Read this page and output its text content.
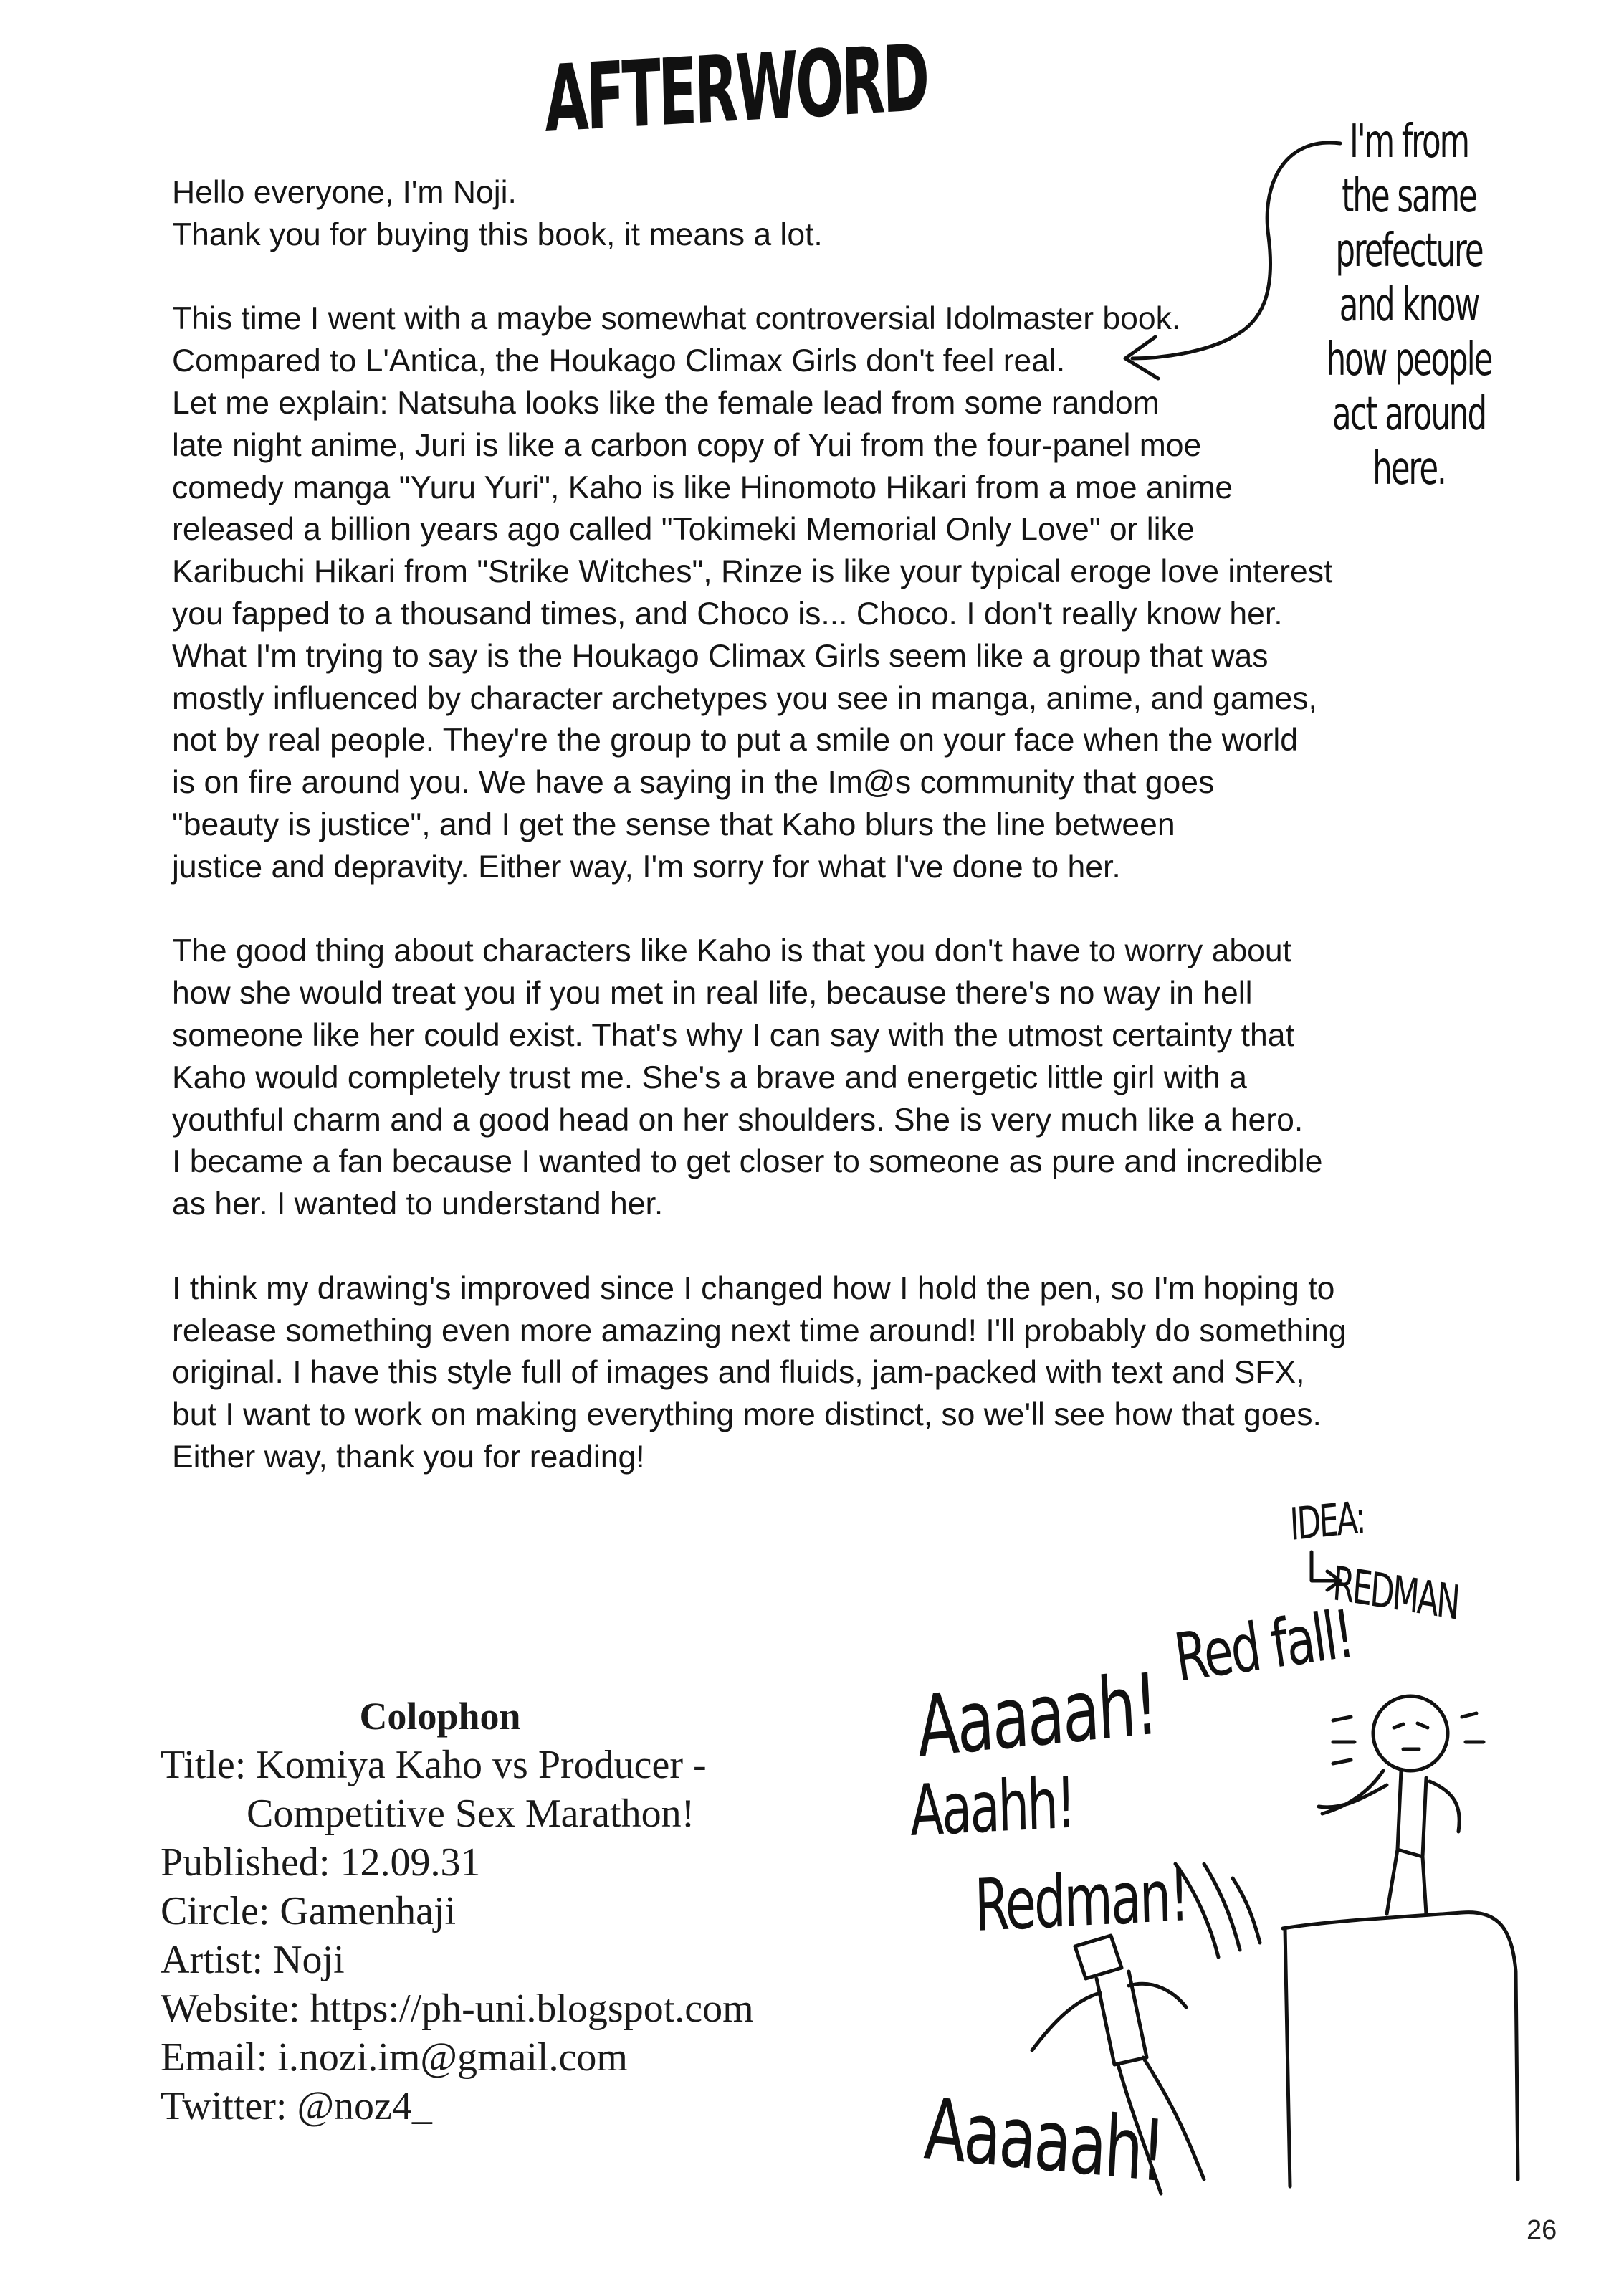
AFTERWORD

Hello everyone, I'm Noji.
Thank you for buying this book, it means a lot.

This time I went with a maybe somewhat controversial Idolmaster book.
Compared to L'Antica, the Houkago Climax Girls don't feel real.
Let me explain: Natsuha looks like the female lead from some random
late night anime, Juri is like a carbon copy of Yui from the four-panel moe
comedy manga "Yuru Yuri", Kaho is like Hinomoto Hikari from a moe anime
released a billion years ago called "Tokimeki Memorial Only Love" or like
Karibuchi Hikari from "Strike Witches", Rinze is like your typical eroge love interest
you fapped to a thousand times, and Choco is... Choco. I don't really know her.
What I'm trying to say is the Houkago Climax Girls seem like a group that was
mostly influenced by character archetypes you see in manga, anime, and games,
not by real people. They're the group to put a smile on your face when the world
is on fire around you. We have a saying in the Im@s community that goes
"beauty is justice", and I get the sense that Kaho blurs the line between
justice and depravity. Either way, I'm sorry for what I've done to her.

The good thing about characters like Kaho is that you don't have to worry about
how she would treat you if you met in real life, because there's no way in hell
someone like her could exist. That's why I can say with the utmost certainty that
Kaho would completely trust me. She's a brave and energetic little girl with a
youthful charm and a good head on her shoulders. She is very much like a hero.
I became a fan because I wanted to get closer to someone as pure and incredible
as her. I wanted to understand her.

I think my drawing's improved since I changed how I hold the pen, so I'm hoping to
release something even more amazing next time around! I'll probably do something
original. I have this style full of images and fluids, jam-packed with text and SFX,
but I want to work on making everything more distinct, so we'll see how that goes.
Either way, thank you for reading!

I'm from
the same
prefecture
and know
how people
act around
here.
IDEA:
REDMAN
Red fall!
Aaaaah!
Aaahh!
Redman!
Aaaaah!
Colophon
Title: Komiya Kaho vs Producer -
Competitive Sex Marathon!
Published: 12.09.31
Circle: Gamenhaji
Artist: Noji
Website: https://ph-uni.blogspot.com
Email: i.nozi.im@gmail.com
Twitter: @noz4_
26
